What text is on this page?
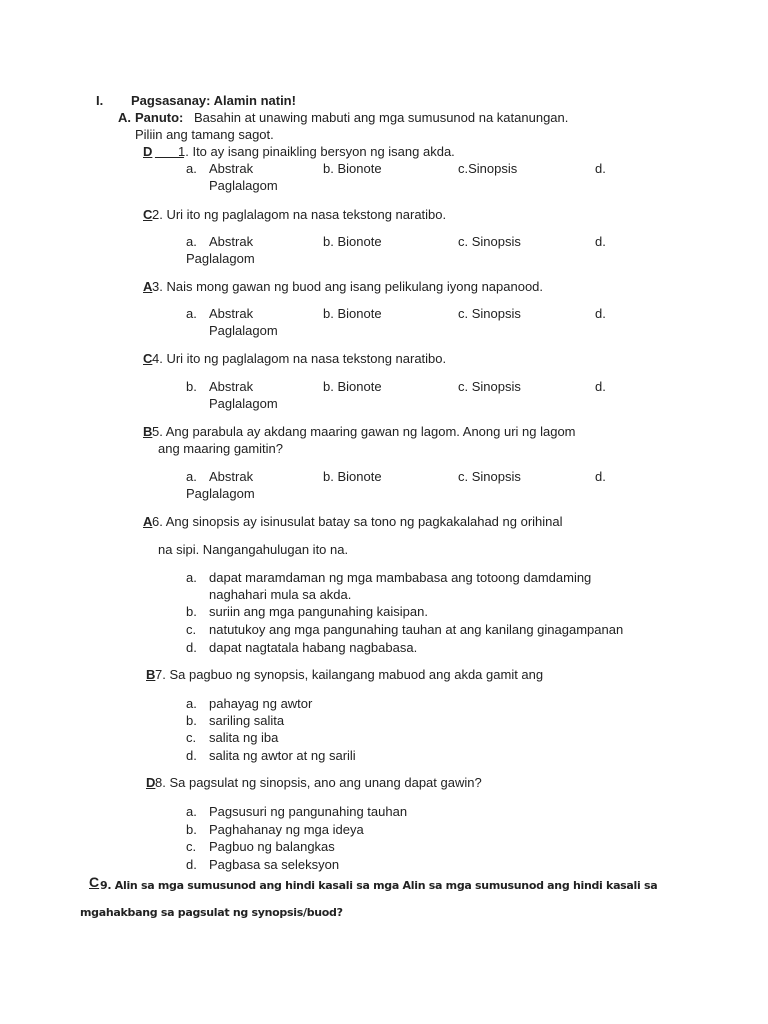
I. Pagsasanay: Alamin natin!
A. Panuto: Basahin at unawing mabuti ang mga sumusunod na katanungan.
Piliin ang tamang sagot.
D ____
1. Ito ay isang pinaikling bersyon ng isang akda.
a. Abstrak	b. Bionote	c.Sinopsis	d.
Paglalagom
C 2. Uri ito ng paglalagom na nasa tekstong naratibo.
A 3. Nais mong gawan ng buod ang isang pelikulang iyong napanood.
C 4. Uri ito ng paglalagom na nasa tekstong naratibo.
B 5. Ang parabula ay akdang maaring gawan ng lagom. Anong uri ng lagom
ang maaring gamitin?
a. Abstrak	b. Bionote	c. Sinopsis	d.
Paglalagom
a. Abstrak	b. Bionote	c. Sinopsis	d.
Paglalagom
b. Abstrak	b. Bionote	c. Sinopsis	d.
Paglalagom
a. Abstrak	b. Bionote	c. Sinopsis	d.
Paglalagom
A 6. Ang sinopsis ay isinusulat batay sa tono ng pagkakalahad ng orihinal
na sipi. Nangangahulugan ito na.
a. dapat maramdaman ng mga mambabasa ang totoong damdaming
b. suriin ang mga pangunahing kaisipan.
c. natutukoy ang mga pangunahing tauhan at ang kanilang ginagampanan
d. dapat nagtatala habang nagbabasa.
naghahari mula sa akda.
B 7. Sa pagbuo ng synopsis, kailangang mabuod ang akda gamit ang
a. pahayag ng awtor
b. sariling salita
c. salita ng iba
d. salita ng awtor at ng sarili
D 8. Sa pagsulat ng sinopsis, ano ang unang dapat gawin?
a. Pagsusuri ng pangunahing tauhan
b. Paghahanay ng mga ideya
c. Pagbuo ng balangkas
d. Pagbasa sa seleksyon
C 9. Alin sa mga sumusunod ang hindi kasali sa mga Alin sa mga sumusunod ang hindi kasali sa
mgahakbang sa pagsulat ng synopsis/buod?
